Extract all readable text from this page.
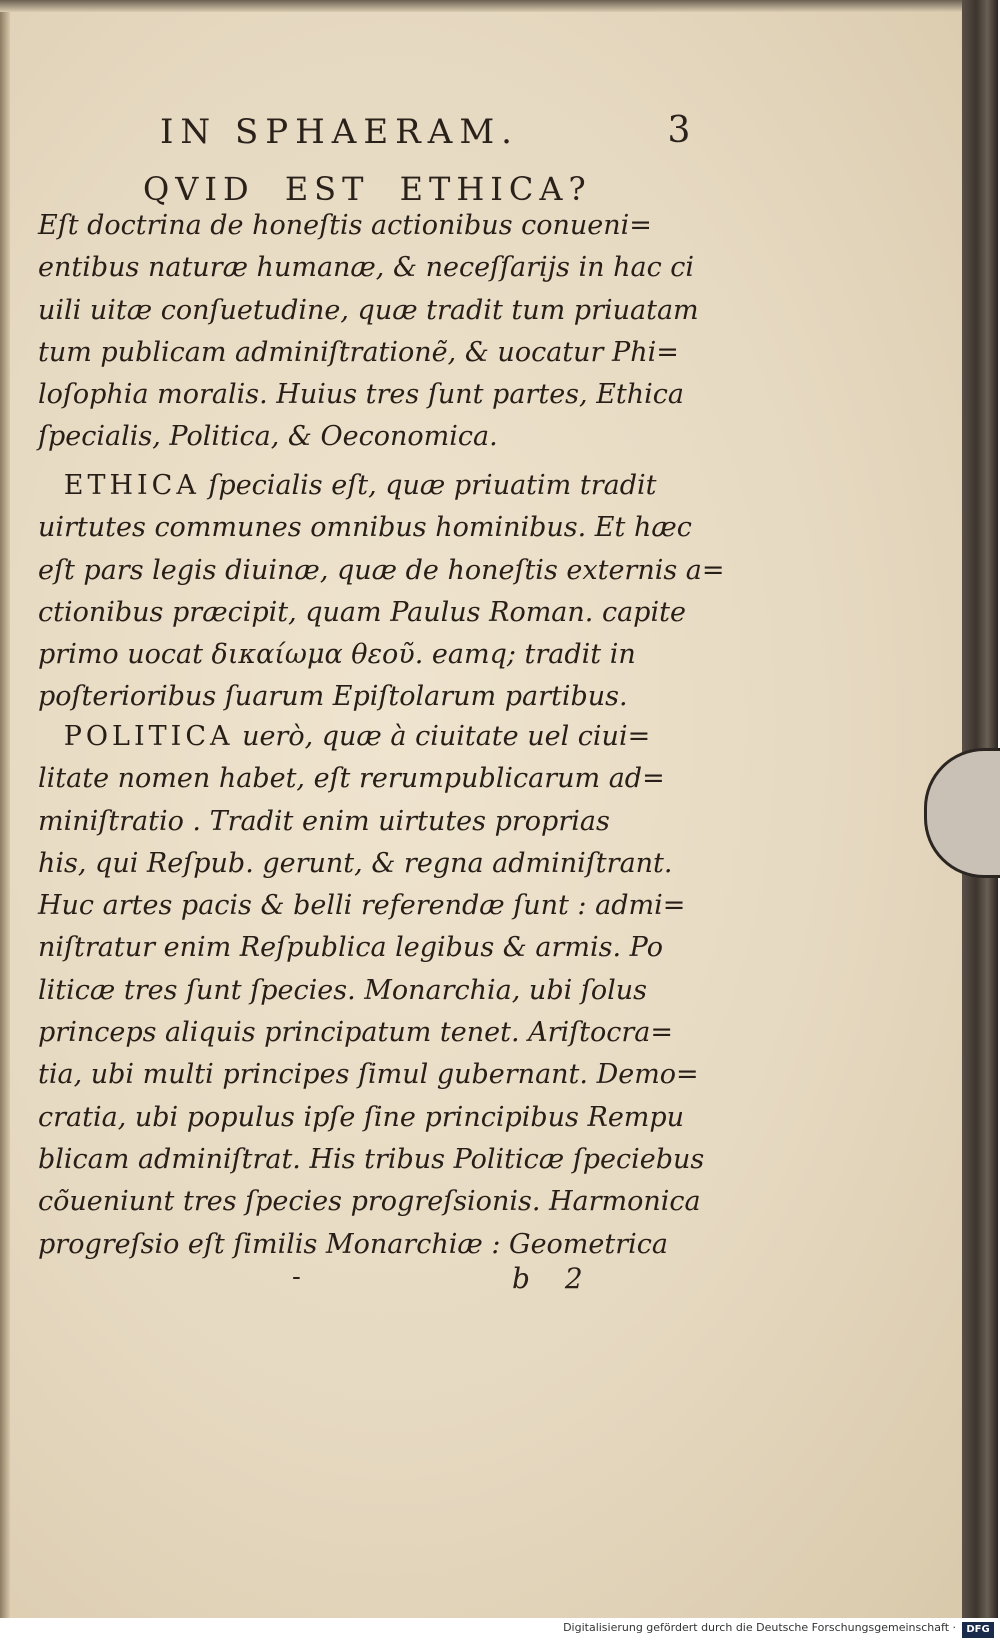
IN SPHAERAM.	3
QVID EST ETHICA?
Eſt doctrina de honeſtis actionibus conueni=
entibus naturæ humanæ, & neceſſarijs in hac ci
uili uitæ conſuetudine, quæ tradit tum priuatam
tum publicam adminiſtrationẽ, & uocatur Phi=
loſophia moralis. Huius tres ſunt partes, Ethica
ſpecialis, Politica, & Oeconomica.
ETHICA ſpecialis eſt, quæ priuatim tradit
uirtutes communes omnibus hominibus. Et hæc
eſt pars legis diuinæ, quæ de honeſtis externis a=
ctionibus præcipit, quam Paulus Roman. capite
primo uocat δικαίωμα θεοῦ. eamq; tradit in
poſterioribus ſuarum Epiſtolarum partibus.
POLITICA uerò, quæ à ciuitate uel ciui=
litate nomen habet, eſt rerumpublicarum ad=
miniſtratio . Tradit enim uirtutes proprias
his, qui Reſpub. gerunt, & regna adminiſtrant.
Huc artes pacis & belli referendæ ſunt : admi=
niſtratur enim Reſpublica legibus & armis. Po
liticæ tres ſunt ſpecies. Monarchia, ubi ſolus
princeps aliquis principatum tenet. Ariſtocra=
tia, ubi multi principes ſimul gubernant. Demo=
cratia, ubi populus ipſe ſine principibus Rempu
blicam adminiſtrat. His tribus Politicæ ſpeciebus
cõueniunt tres ſpecies progreſsionis. Harmonica
progreſsio eſt ſimilis Monarchiæ : Geometrica
-	b 2
Digitalisierung gefördert durch die Deutsche Forschungsgemeinschaft ·	DFG
